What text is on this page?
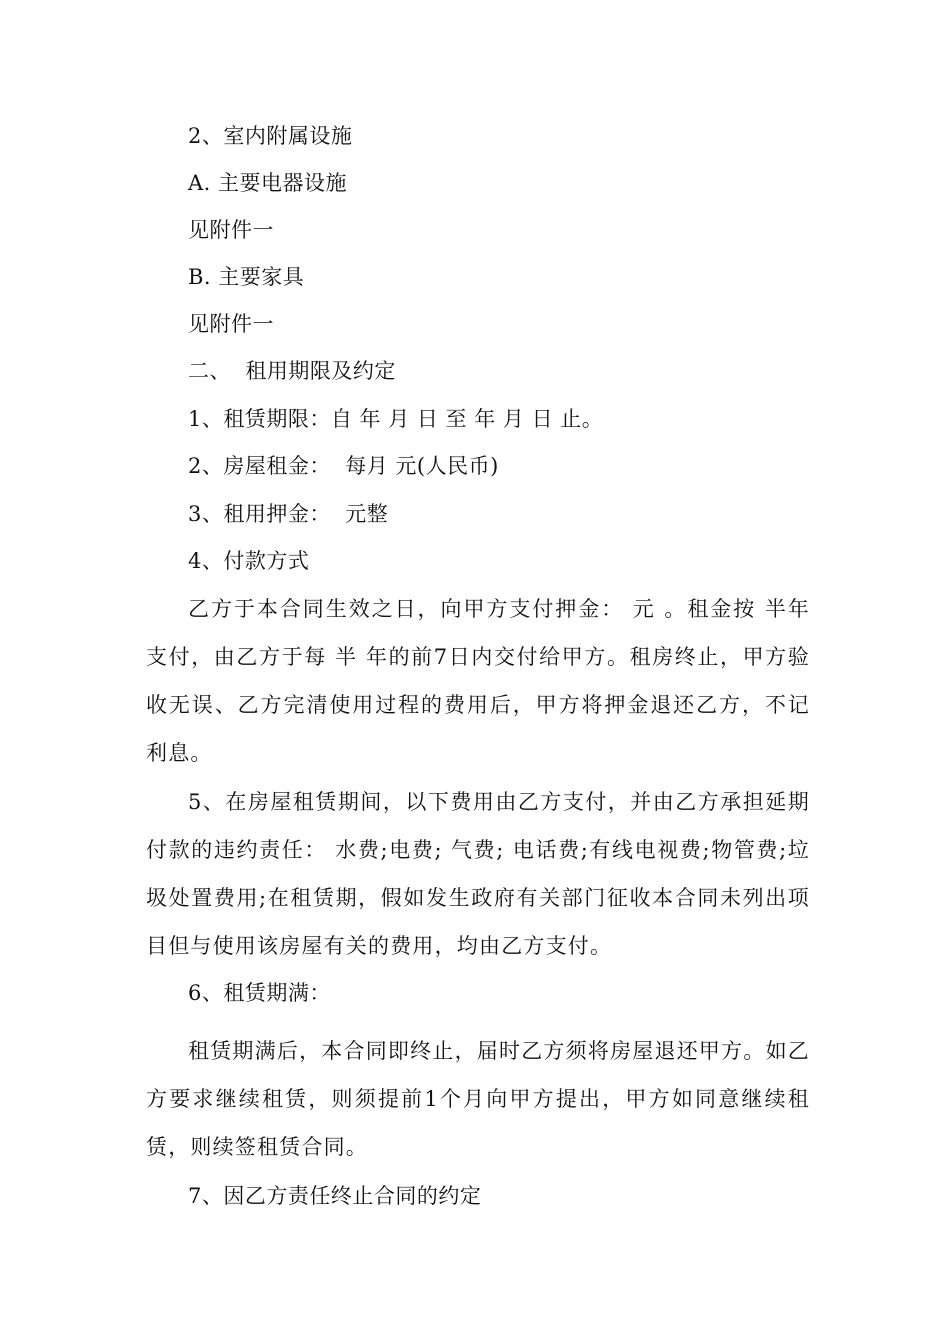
2、室内附属设施
A. 主要电器设施
见附件一
B. 主要家具
见附件一
二、  租用期限及约定
1、租赁期限：自 年 月 日 至 年 月 日 止。
2、房屋租金：  每月 元(人民币)
3、租用押金：  元整
4、付款方式
乙方于本合同生效之日，向甲方支付押金： 元 。租金按 半年支付，由乙方于每 半 年的前7日内交付给甲方。租房终止，甲方验收无误、乙方完清使用过程的费用后，甲方将押金退还乙方，不记利息。
5、在房屋租赁期间，以下费用由乙方支付，并由乙方承担延期付款的违约责任： 水费;电费; 气费; 电话费;有线电视费;物管费;垃圾处置费用;在租赁期，假如发生政府有关部门征收本合同未列出项目但与使用该房屋有关的费用，均由乙方支付。
6、租赁期满：
租赁期满后，本合同即终止，届时乙方须将房屋退还甲方。如乙方要求继续租赁，则须提前1个月向甲方提出，甲方如同意继续租赁，则续签租赁合同。
7、因乙方责任终止合同的约定
